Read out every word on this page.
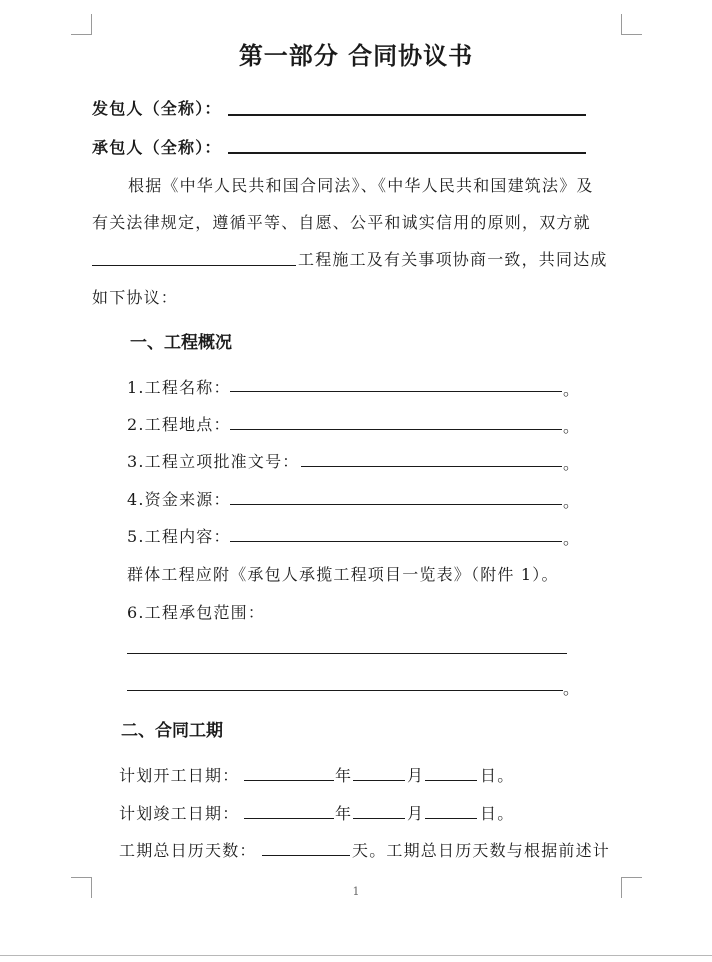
第一部分 合同协议书
发包人（全称）：
承包人（全称）：
根据《中华人民共和国合同法》、《中华人民共和国建筑法》及
有关法律规定，遵循平等、自愿、公平和诚实信用的原则，双方就
工程施工及有关事项协商一致，共同达成
如下协议：
一、工程概况
1.工程名称：	。
2.工程地点：	。
3.工程立项批准文号：	。
4.资金来源：	。
5.工程内容：	。
群体工程应附《承包人承揽工程项目一览表》（附件 1）。
6.工程承包范围：
。
二、合同工期
计划开工日期：	年	月	日。
计划竣工日期：	年	月	日。
工期总日历天数：	天。工期总日历天数与根据前述计
1
